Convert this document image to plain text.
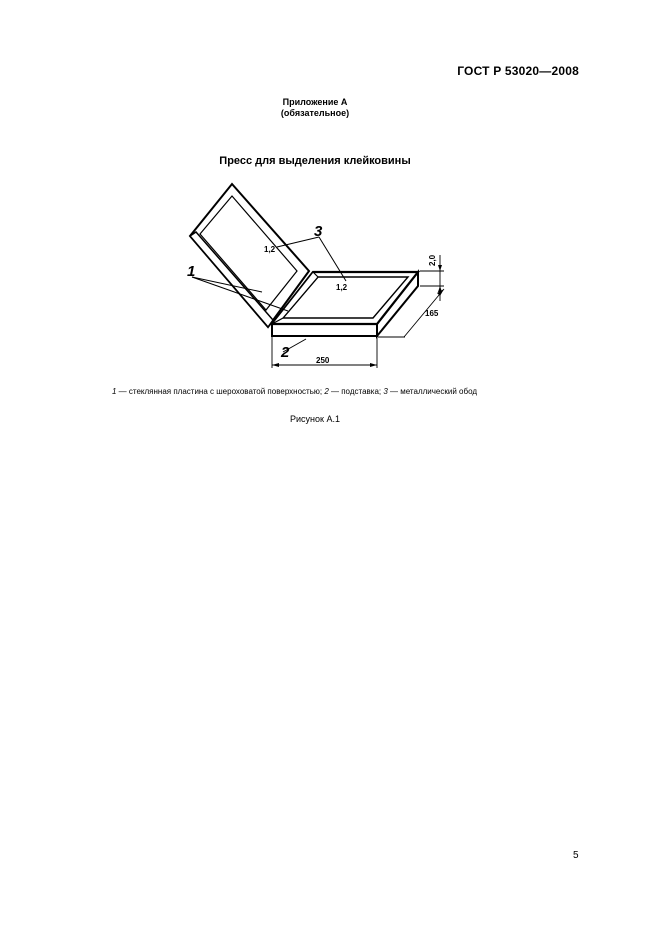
ГОСТ Р 53020—2008
Приложение А
(обязательное)
Пресс для выделения клейковины
1
3
2
1,2
1,2
250
165
2,0
1 — стеклянная пластина с шероховатой поверхностью; 2 — подставка; 3 — металлический обод
Рисунок А.1
5
